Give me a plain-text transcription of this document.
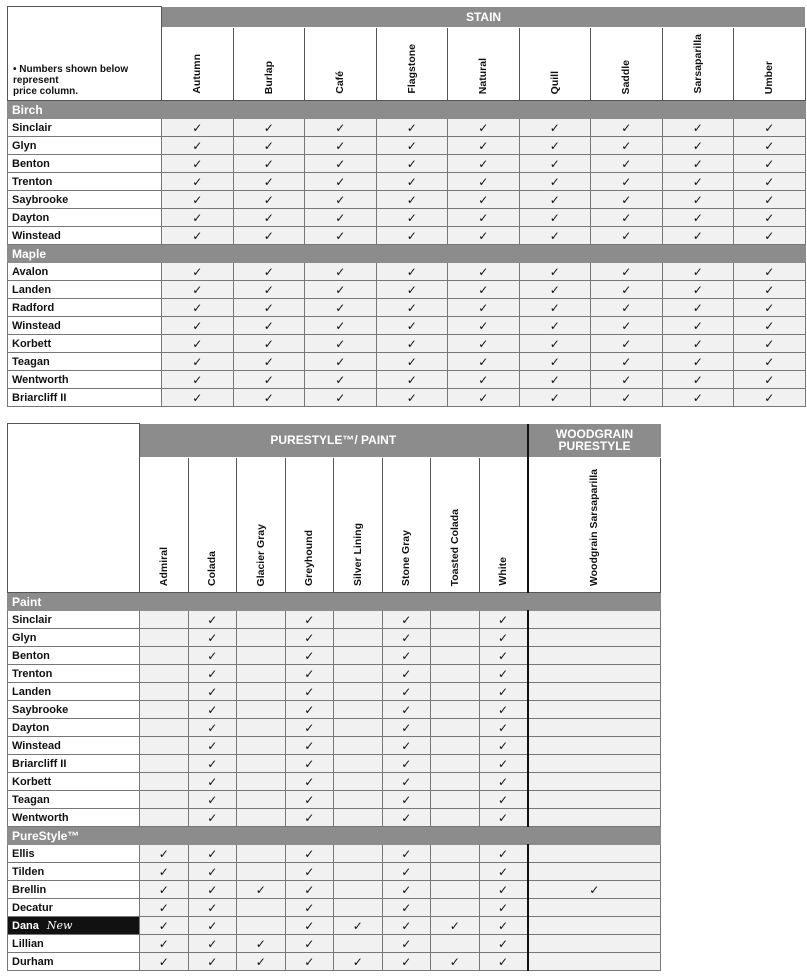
• Numbers shown below
represent
price column.	STAIN								

	Autumn	Burlap	Café	Flagstone	Natural	Quill	Saddle	Sarsaparilla	Umber

Birch									
Sinclair	✓	✓	✓	✓	✓	✓	✓	✓	✓
Glyn	✓	✓	✓	✓	✓	✓	✓	✓	✓
Benton	✓	✓	✓	✓	✓	✓	✓	✓	✓
Trenton	✓	✓	✓	✓	✓	✓	✓	✓	✓
Saybrooke	✓	✓	✓	✓	✓	✓	✓	✓	✓
Dayton	✓	✓	✓	✓	✓	✓	✓	✓	✓
Winstead	✓	✓	✓	✓	✓	✓	✓	✓	✓
Maple									
Avalon	✓	✓	✓	✓	✓	✓	✓	✓	✓
Landen	✓	✓	✓	✓	✓	✓	✓	✓	✓
Radford	✓	✓	✓	✓	✓	✓	✓	✓	✓
Winstead	✓	✓	✓	✓	✓	✓	✓	✓	✓
Korbett	✓	✓	✓	✓	✓	✓	✓	✓	✓
Teagan	✓	✓	✓	✓	✓	✓	✓	✓	✓
Wentworth	✓	✓	✓	✓	✓	✓	✓	✓	✓
Briarcliff II	✓	✓	✓	✓	✓	✓	✓	✓	✓
	PURESTYLE™/ PAINT								WOODGRAIN
PURESTYLE

	Admiral	Colada	Glacier Gray	Greyhound	Silver Lining	Stone Gray	Toasted Colada	White	Woodgrain Sarsaparilla

Paint									
Sinclair		✓		✓		✓		✓	
Glyn		✓		✓		✓		✓	
Benton		✓		✓		✓		✓	
Trenton		✓		✓		✓		✓	
Landen		✓		✓		✓		✓	
Saybrooke		✓		✓		✓		✓	
Dayton		✓		✓		✓		✓	
Winstead		✓		✓		✓		✓	
Briarcliff II		✓		✓		✓		✓	
Korbett		✓		✓		✓		✓	
Teagan		✓		✓		✓		✓	
Wentworth		✓		✓		✓		✓	
PureStyle™									
Ellis	✓	✓		✓		✓		✓	
Tilden	✓	✓		✓		✓		✓	
Brellin	✓	✓	✓	✓		✓		✓	✓
Decatur	✓	✓		✓		✓		✓	
Dana New	✓	✓		✓	✓	✓	✓	✓	
Lillian	✓	✓	✓	✓		✓		✓	
Durham	✓	✓	✓	✓	✓	✓	✓	✓	
